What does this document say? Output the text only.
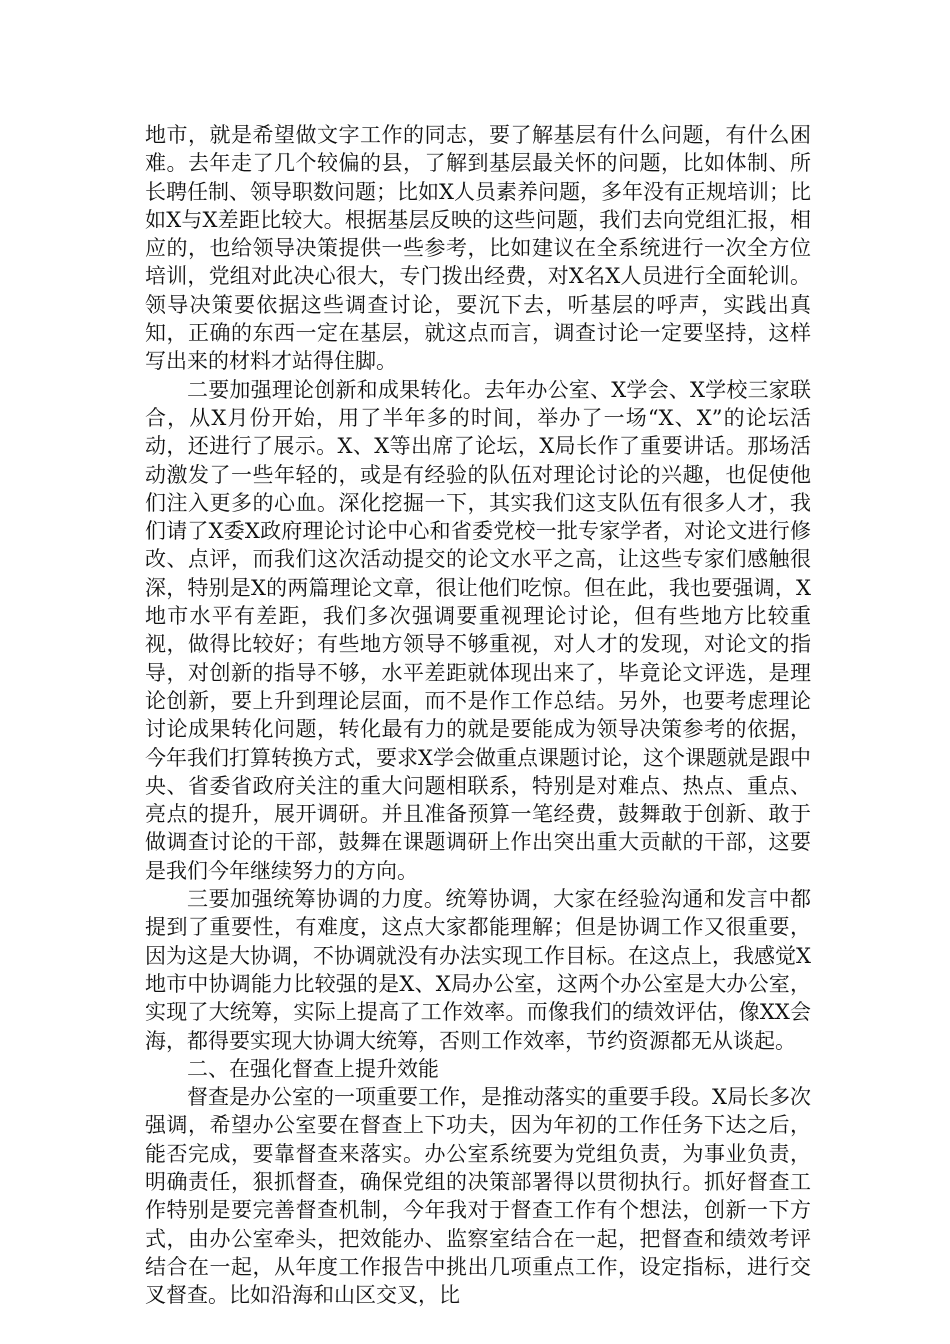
地市，就是希望做文字工作的同志，要了解基层有什么问题，有什么困难。去年走了几个较偏的县，了解到基层最关怀的问题，比如体制、所长聘任制、领导职数问题；比如X人员素养问题，多年没有正规培训；比如X与X差距比较大。根据基层反映的这些问题，我们去向党组汇报，相应的，也给领导决策提供一些参考，比如建议在全系统进行一次全方位培训，党组对此决心很大，专门拨出经费，对X名X人员进行全面轮训。领导决策要依据这些调查讨论，要沉下去，听基层的呼声，实践出真知，正确的东西一定在基层，就这点而言，调查讨论一定要坚持，这样写出来的材料才站得住脚。

二要加强理论创新和成果转化。去年办公室、X学会、X学校三家联合，从X月份开始，用了半年多的时间，举办了一场“X、X”的论坛活动，还进行了展示。X、X等出席了论坛，X局长作了重要讲话。那场活动激发了一些年轻的，或是有经验的队伍对理论讨论的兴趣，也促使他们注入更多的心血。深化挖掘一下，其实我们这支队伍有很多人才，我们请了X委X政府理论讨论中心和省委党校一批专家学者，对论文进行修改、点评，而我们这次活动提交的论文水平之高，让这些专家们感触很深，特别是X的两篇理论文章，很让他们吃惊。但在此，我也要强调，X地市水平有差距，我们多次强调要重视理论讨论，但有些地方比较重视，做得比较好；有些地方领导不够重视，对人才的发现，对论文的指导，对创新的指导不够，水平差距就体现出来了，毕竟论文评选，是理论创新，要上升到理论层面，而不是作工作总结。另外，也要考虑理论讨论成果转化问题，转化最有力的就是要能成为领导决策参考的依据，今年我们打算转换方式，要求X学会做重点课题讨论，这个课题就是跟中央、省委省政府关注的重大问题相联系，特别是对难点、热点、重点、亮点的提升，展开调研。并且准备预算一笔经费，鼓舞敢于创新、敢于做调查讨论的干部，鼓舞在课题调研上作出突出重大贡献的干部，这要是我们今年继续努力的方向。

三要加强统筹协调的力度。统筹协调，大家在经验沟通和发言中都提到了重要性，有难度，这点大家都能理解；但是协调工作又很重要，因为这是大协调，不协调就没有办法实现工作目标。在这点上，我感觉X地市中协调能力比较强的是X、X局办公室，这两个办公室是大办公室，实现了大统筹，实际上提高了工作效率。而像我们的绩效评估，像XX会海，都得要实现大协调大统筹，否则工作效率，节约资源都无从谈起。

二、在强化督查上提升效能

督查是办公室的一项重要工作，是推动落实的重要手段。X局长多次强调，希望办公室要在督查上下功夫，因为年初的工作任务下达之后，能否完成，要靠督查来落实。办公室系统要为党组负责，为事业负责，明确责任，狠抓督查，确保党组的决策部署得以贯彻执行。抓好督查工作特别是要完善督查机制，今年我对于督查工作有个想法，创新一下方式，由办公室牵头，把效能办、监察室结合在一起，把督查和绩效考评结合在一起，从年度工作报告中挑出几项重点工作，设定指标，进行交叉督查。比如沿海和山区交叉，比
